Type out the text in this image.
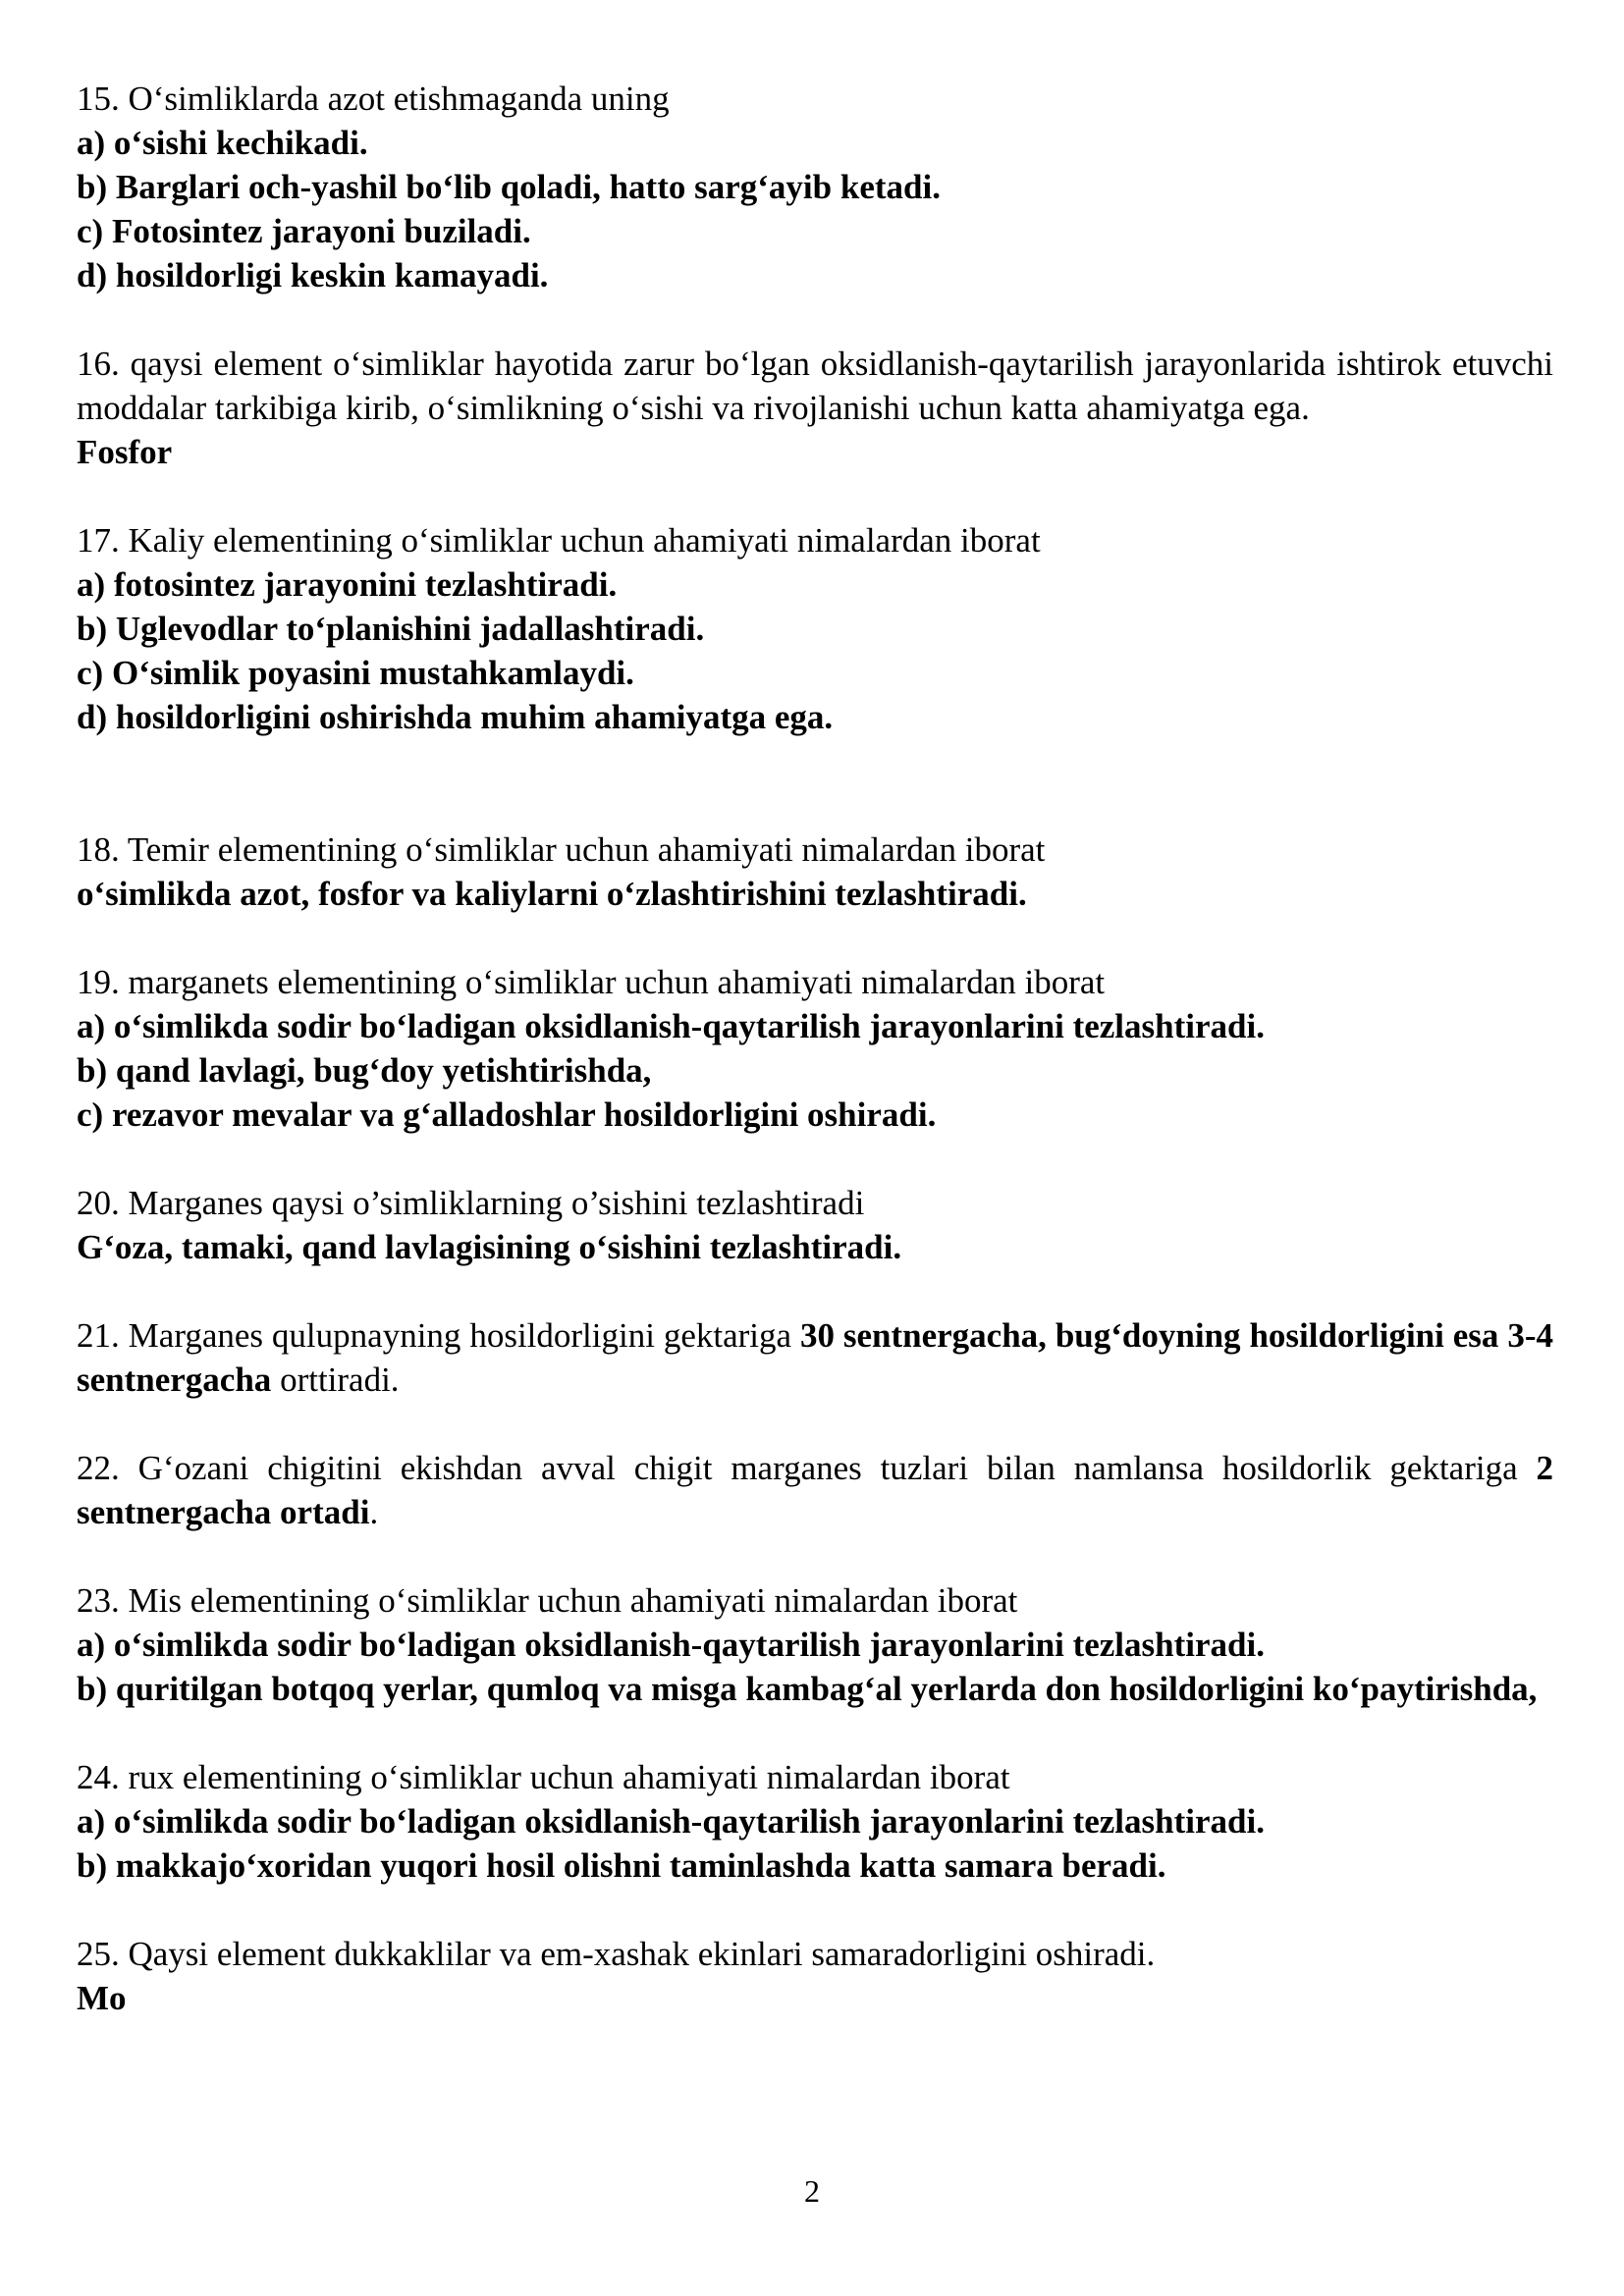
15. O‘simliklarda azot etishmaganda uning

a) o‘sishi kechikadi.

b) Barglari och-yashil bo‘lib qoladi, hatto sarg‘ayib ketadi.

c) Fotosintez jarayoni buziladi.

d) hosildorligi keskin kamayadi.

16. qaysi element o‘simliklar hayotida zarur bo‘lgan oksidlanish-qaytarilish jarayonlarida ishtirok etuvchi moddalar tarkibiga kirib, o‘simlikning o‘sishi va rivojlanishi uchun katta ahamiyatga ega.

Fosfor

17. Kaliy elementining o‘simliklar uchun ahamiyati nimalardan iborat

a) fotosintez jarayonini tezlashtiradi.

b) Uglevodlar to‘planishini jadallashtiradi.

c) O‘simlik poyasini mustahkamlaydi.

d) hosildorligini oshirishda muhim ahamiyatga ega.

18. Temir elementining o‘simliklar uchun ahamiyati nimalardan iborat

o‘simlikda azot, fosfor va kaliylarni o‘zlashtirishini tezlashtiradi.

19. marganets elementining o‘simliklar uchun ahamiyati nimalardan iborat

a) o‘simlikda sodir bo‘ladigan oksidlanish-qaytarilish jarayonlarini tezlashtiradi.

b) qand lavlagi, bug‘doy yetishtirishda,

c) rezavor mevalar va g‘alladoshlar hosildorligini oshiradi.

20. Marganes qaysi o’simliklarning o’sishini tezlashtiradi

G‘oza, tamaki, qand lavlagisining o‘sishini tezlashtiradi.

21. Marganes qulupnayning hosildorligini gektariga 30 sentnergacha, bug‘doyning hosildorligini esa 3-4 sentnergacha orttiradi.

22. G‘ozani chigitini ekishdan avval chigit marganes tuzlari bilan namlansa hosildorlik gektariga 2 sentnergacha ortadi.

23. Mis elementining o‘simliklar uchun ahamiyati nimalardan iborat

a) o‘simlikda sodir bo‘ladigan oksidlanish-qaytarilish jarayonlarini tezlashtiradi.

b) quritilgan botqoq yerlar, qumloq va misga kambag‘al yerlarda don hosildorligini ko‘paytirishda,

24. rux elementining o‘simliklar uchun ahamiyati nimalardan iborat

a) o‘simlikda sodir bo‘ladigan oksidlanish-qaytarilish jarayonlarini tezlashtiradi.

b) makkajo‘xoridan yuqori hosil olishni taminlashda katta samara beradi.

25. Qaysi element dukkaklilar va em-xashak ekinlari samaradorligini oshiradi.

Mo

2
